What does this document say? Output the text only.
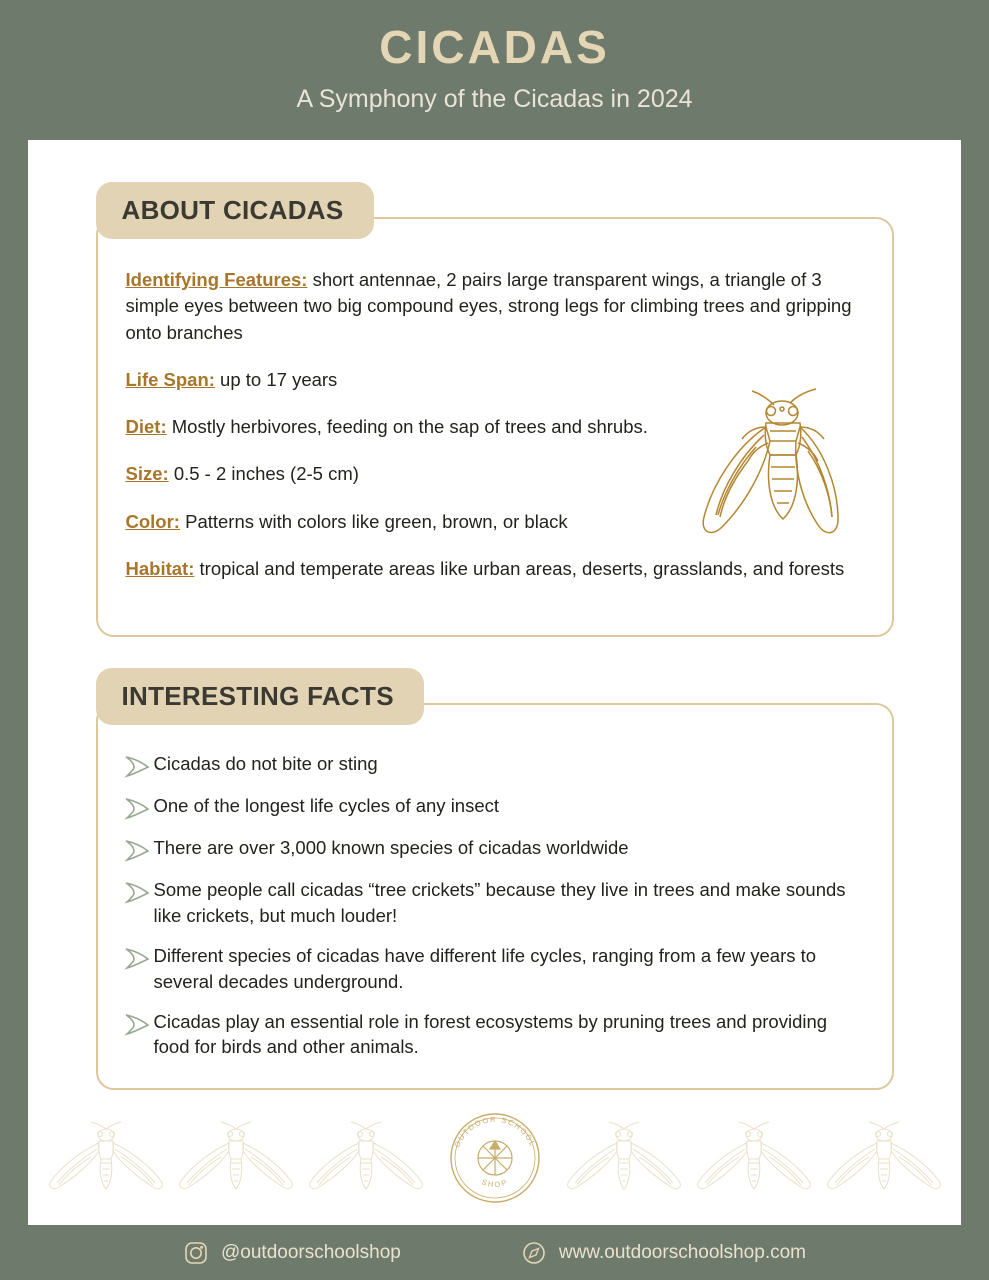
CICADAS
A Symphony of the Cicadas in 2024
ABOUT CICADAS
Identifying Features: short antennae, 2 pairs large transparent wings, a triangle of 3 simple eyes between two big compound eyes, strong legs for climbing trees and gripping onto branches
Life Span: up to 17 years
Diet: Mostly herbivores, feeding on the sap of trees and shrubs.
Size: 0.5 - 2 inches (2-5 cm)
Color: Patterns with colors like green, brown, or black
Habitat: tropical and temperate areas like urban areas, deserts, grasslands, and forests
INTERESTING FACTS
Cicadas do not bite or sting
One of the longest life cycles of any insect
There are over 3,000 known species of cicadas worldwide
Some people call cicadas “tree crickets” because they live in trees and make sounds like crickets, but much louder!
Different species of cicadas have different life cycles, ranging from a few years to several decades underground.
Cicadas play an essential role in forest ecosystems by pruning trees and providing food for birds and other animals.
OUTDOOR SCHOOL
SHOP
@outdoorschoolshop	www.outdoorschoolshop.com
